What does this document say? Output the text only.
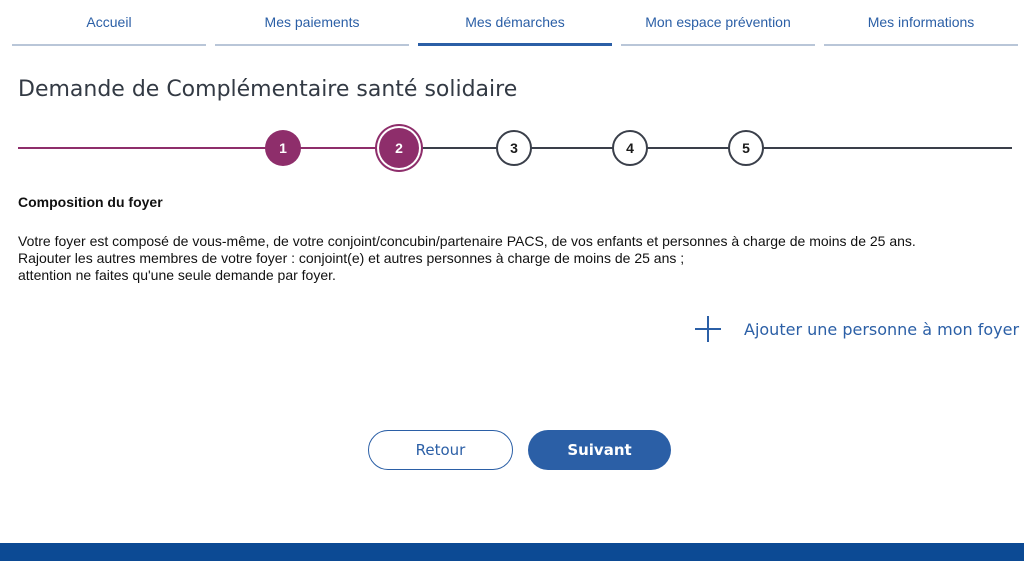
Accueil	Mes paiements	Mes démarches	Mon espace prévention	Mes informations
Demande de Complémentaire santé solidaire
1	2	3	4	5
Composition du foyer
Votre foyer est composé de vous-même, de votre conjoint/concubin/partenaire PACS, de vos enfants et personnes à charge de moins de 25 ans.
Rajouter les autres membres de votre foyer : conjoint(e) et autres personnes à charge de moins de 25 ans ;
attention ne faites qu'une seule demande par foyer.
Ajouter une personne à mon foyer
Retour	Suivant
